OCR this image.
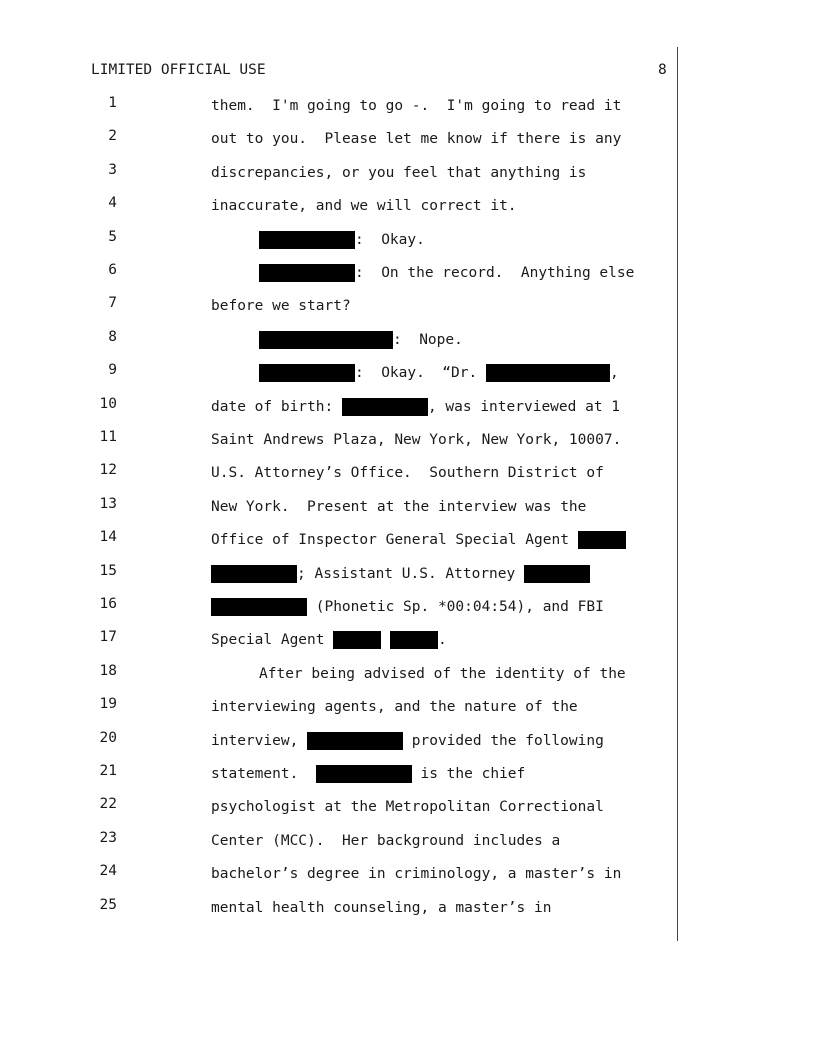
LIMITED OFFICIAL USE	8
1	them.  I'm going to go -.  I'm going to read it
2	out to you.  Please let me know if there is any
3	discrepancies, or you feel that anything is
4	inaccurate, and we will correct it.
5	:  Okay.
6	:  On the record.  Anything else
7	before we start?
8	:  Nope.
9	:  Okay.  “Dr.	,
10	date of birth:	, was interviewed at 1
11	Saint Andrews Plaza, New York, New York, 10007.
12	U.S. Attorney’s Office.  Southern District of
13	New York.  Present at the interview was the
14	Office of Inspector General Special Agent
15	; Assistant U.S. Attorney
16	(Phonetic Sp. *00:04:54), and FBI
17	Special Agent
	.
18	After being advised of the identity of the
19	interviewing agents, and the nature of the
20	interview,	provided the following
21	statement.	is the chief
22	psychologist at the Metropolitan Correctional
23	Center (MCC).  Her background includes a
24	bachelor’s degree in criminology, a master’s in
25	mental health counseling, a master’s in
